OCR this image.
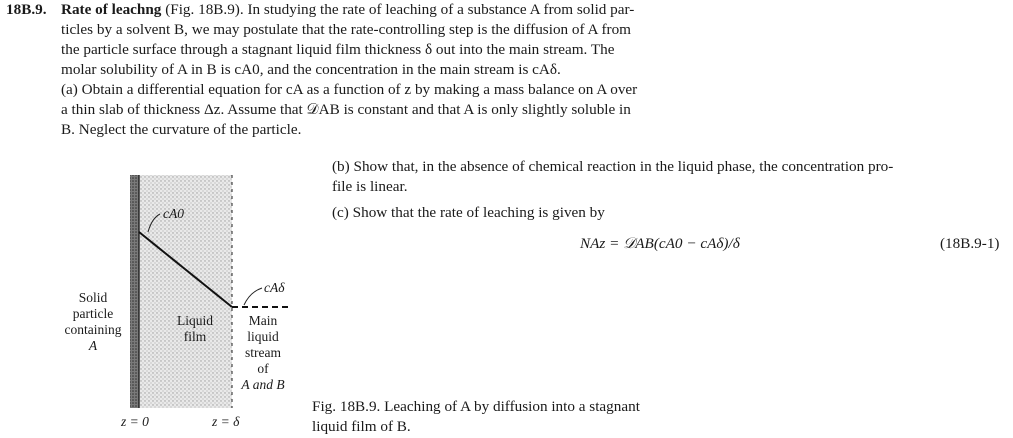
18B.9. Rate of leachng (Fig. 18B.9). In studying the rate of leaching of a substance A from solid par-
ticles by a solvent B, we may postulate that the rate-controlling step is the diffusion of A from
the particle surface through a stagnant liquid film thickness δ out into the main stream. The
molar solubility of A in B is cA0, and the concentration in the main stream is cAδ.
(a) Obtain a differential equation for cA as a function of z by making a mass balance on A over
a thin slab of thickness Δz. Assume that 𝒟AB is constant and that A is only slightly soluble in
B. Neglect the curvature of the particle.
(b) Show that, in the absence of chemical reaction in the liquid phase, the concentration pro-
file is linear.
(c) Show that the rate of leaching is given by
NAz = 𝒟AB(cA0 − cAδ)/δ	(18B.9-1)
cA0
cAδ
Solid
particle
containing
A
Liquid
film
Main
liquid
stream
of
A and B
z = 0	z = δ
Fig. 18B.9. Leaching of A by diffusion into a stagnant
liquid film of B.
